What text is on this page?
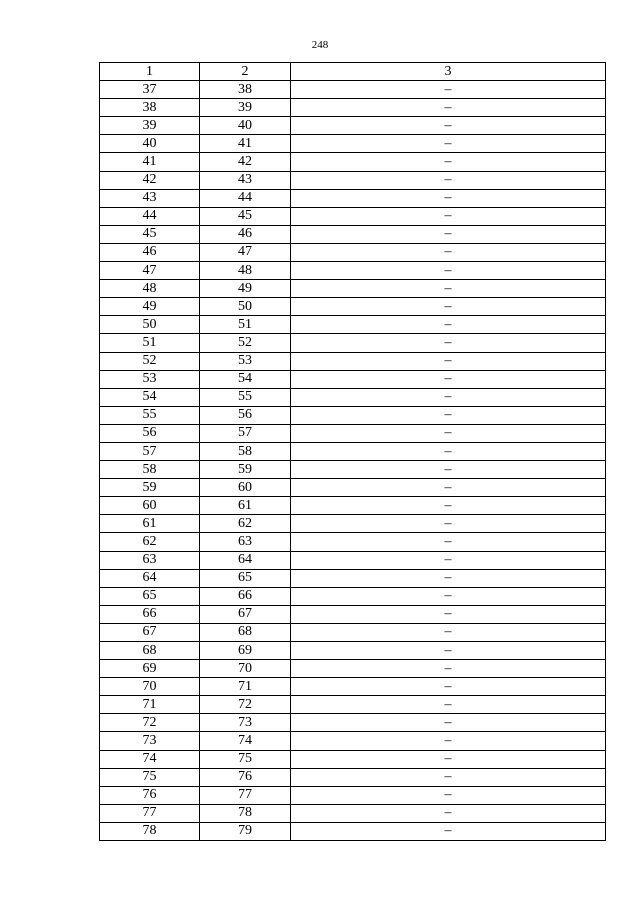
248
1	2	3
37	38	–
38	39	–
39	40	–
40	41	–
41	42	–
42	43	–
43	44	–
44	45	–
45	46	–
46	47	–
47	48	–
48	49	–
49	50	–
50	51	–
51	52	–
52	53	–
53	54	–
54	55	–
55	56	–
56	57	–
57	58	–
58	59	–
59	60	–
60	61	–
61	62	–
62	63	–
63	64	–
64	65	–
65	66	–
66	67	–
67	68	–
68	69	–
69	70	–
70	71	–
71	72	–
72	73	–
73	74	–
74	75	–
75	76	–
76	77	–
77	78	–
78	79	–
